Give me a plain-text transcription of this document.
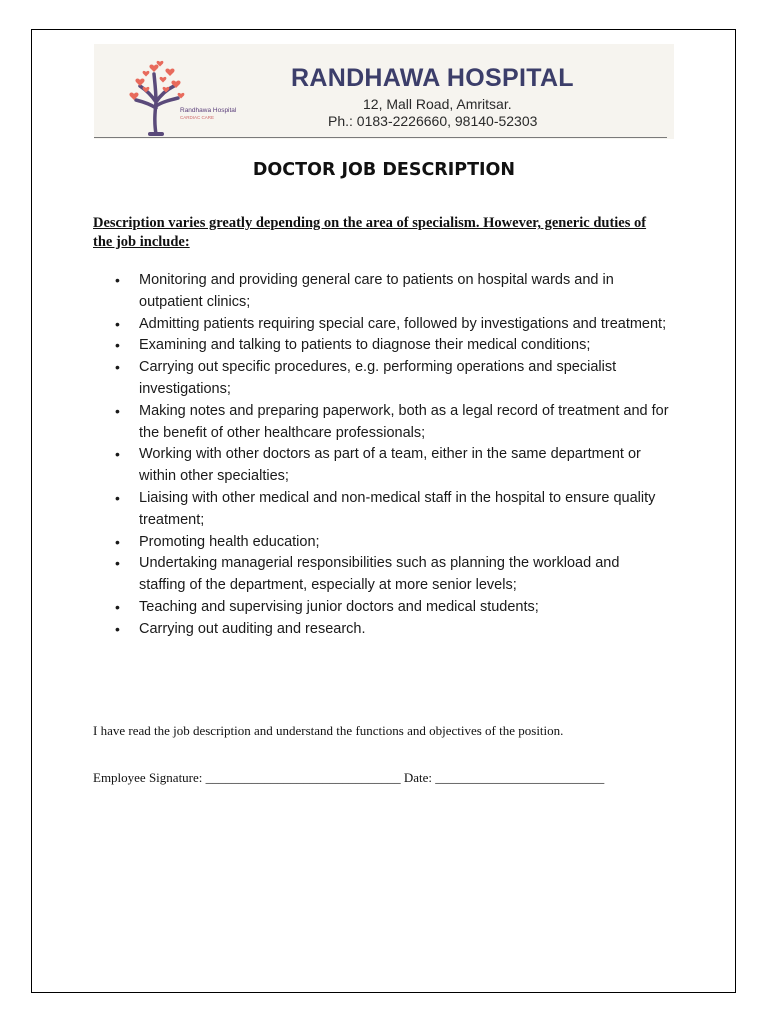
Randhawa Hospital
CARDIAC CARE
RANDHAWA HOSPITAL
12, Mall Road, Amritsar.
Ph.: 0183-2226660, 98140-52303
DOCTOR JOB DESCRIPTION

Description varies greatly depending on the area of specialism. However, generic duties of the job include:

• Monitoring and providing general care to patients on hospital wards and in outpatient clinics;
• Admitting patients requiring special care, followed by investigations and treatment;
• Examining and talking to patients to diagnose their medical conditions;
• Carrying out specific procedures, e.g. performing operations and specialist investigations;
• Making notes and preparing paperwork, both as a legal record of treatment and for the benefit of other healthcare professionals;
• Working with other doctors as part of a team, either in the same department or within other specialties;
• Liaising with other medical and non-medical staff in the hospital to ensure quality treatment;
• Promoting health education;
• Undertaking managerial responsibilities such as planning the workload and staffing of the department, especially at more senior levels;
• Teaching and supervising junior doctors and medical students;
• Carrying out auditing and research.

I have read the job description and understand the functions and objectives of the position.

Employee Signature: ______________________________ Date: __________________________
